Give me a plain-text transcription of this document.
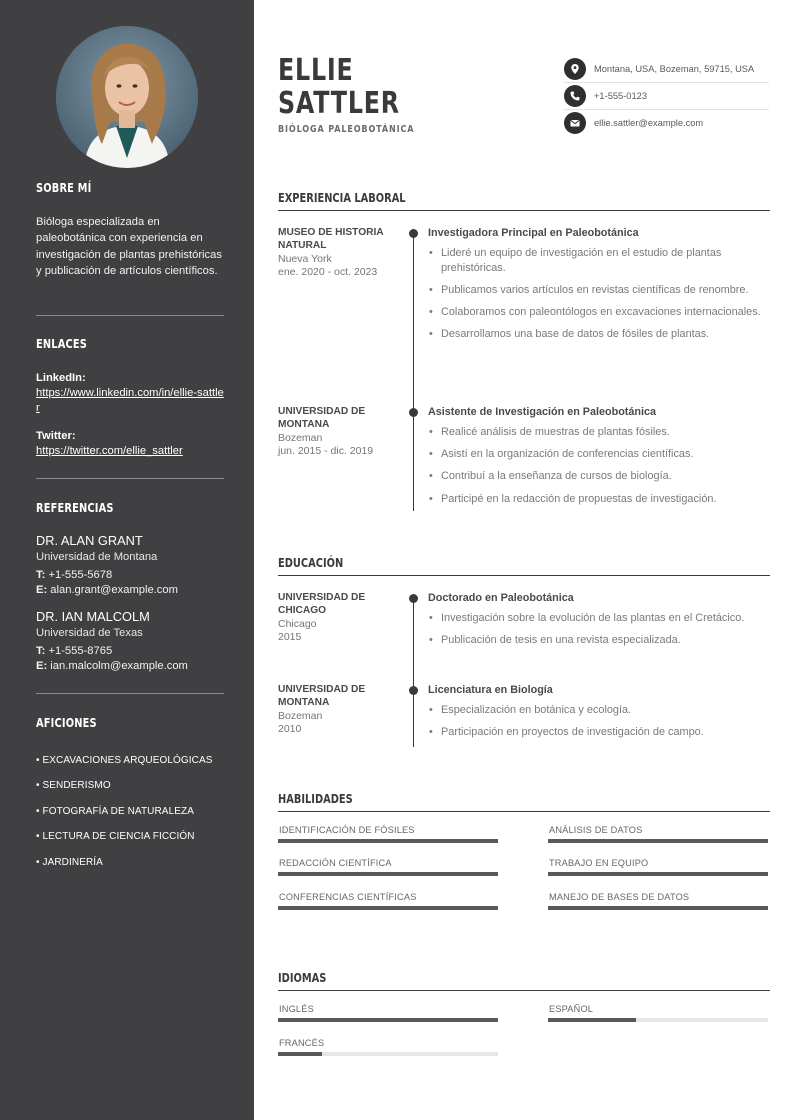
SOBRE MÍ
Bióloga especializada en paleobotánica con experiencia en investigación de plantas prehistóricas y publicación de artículos científicos.
ENLACES
LinkedIn:
https://www.linkedin.com/in/ellie-sattler
Twitter:
https://twitter.com/ellie_sattler
REFERENCIAS
DR. ALAN GRANT
Universidad de Montana
T: +1-555-5678
E: alan.grant@example.com
DR. IAN MALCOLM
Universidad de Texas
T: +1-555-8765
E: ian.malcolm@example.com
AFICIONES
• EXCAVACIONES ARQUEOLÓGICAS
• SENDERISMO
• FOTOGRAFÍA DE NATURALEZA
• LECTURA DE CIENCIA FICCIÓN
• JARDINERÍA
ELLIE
SATTLER
BIÓLOGA PALEOBOTÁNICA
Montana, USA, Bozeman, 59715, USA
+1-555-0123
ellie.sattler@example.com
EXPERIENCIA LABORAL
MUSEO DE HISTORIA NATURAL
Nueva York
ene. 2020 - oct. 2023
Investigadora Principal en Paleobotánica
• Lideré un equipo de investigación en el estudio de plantas prehistóricas.
• Publicamos varios artículos en revistas científicas de renombre.
• Colaboramos con paleontólogos en excavaciones internacionales.
• Desarrollamos una base de datos de fósiles de plantas.
UNIVERSIDAD DE MONTANA
Bozeman
jun. 2015 - dic. 2019
Asistente de Investigación en Paleobotánica
• Realicé análisis de muestras de plantas fósiles.
• Asistí en la organización de conferencias científicas.
• Contribuí a la enseñanza de cursos de biología.
• Participé en la redacción de propuestas de investigación.
EDUCACIÓN
UNIVERSIDAD DE CHICAGO
Chicago
2015
Doctorado en Paleobotánica
• Investigación sobre la evolución de las plantas en el Cretácico.
• Publicación de tesis en una revista especializada.
UNIVERSIDAD DE MONTANA
Bozeman
2010
Licenciatura en Biología
• Especialización en botánica y ecología.
• Participación en proyectos de investigación de campo.
HABILIDADES
IDENTIFICACIÓN DE FÓSILES	ANÁLISIS DE DATOS
REDACCIÓN CIENTÍFICA	TRABAJO EN EQUIPO
CONFERENCIAS CIENTÍFICAS	MANEJO DE BASES DE DATOS
IDIOMAS
INGLÉS	ESPAÑOL
FRANCÉS
